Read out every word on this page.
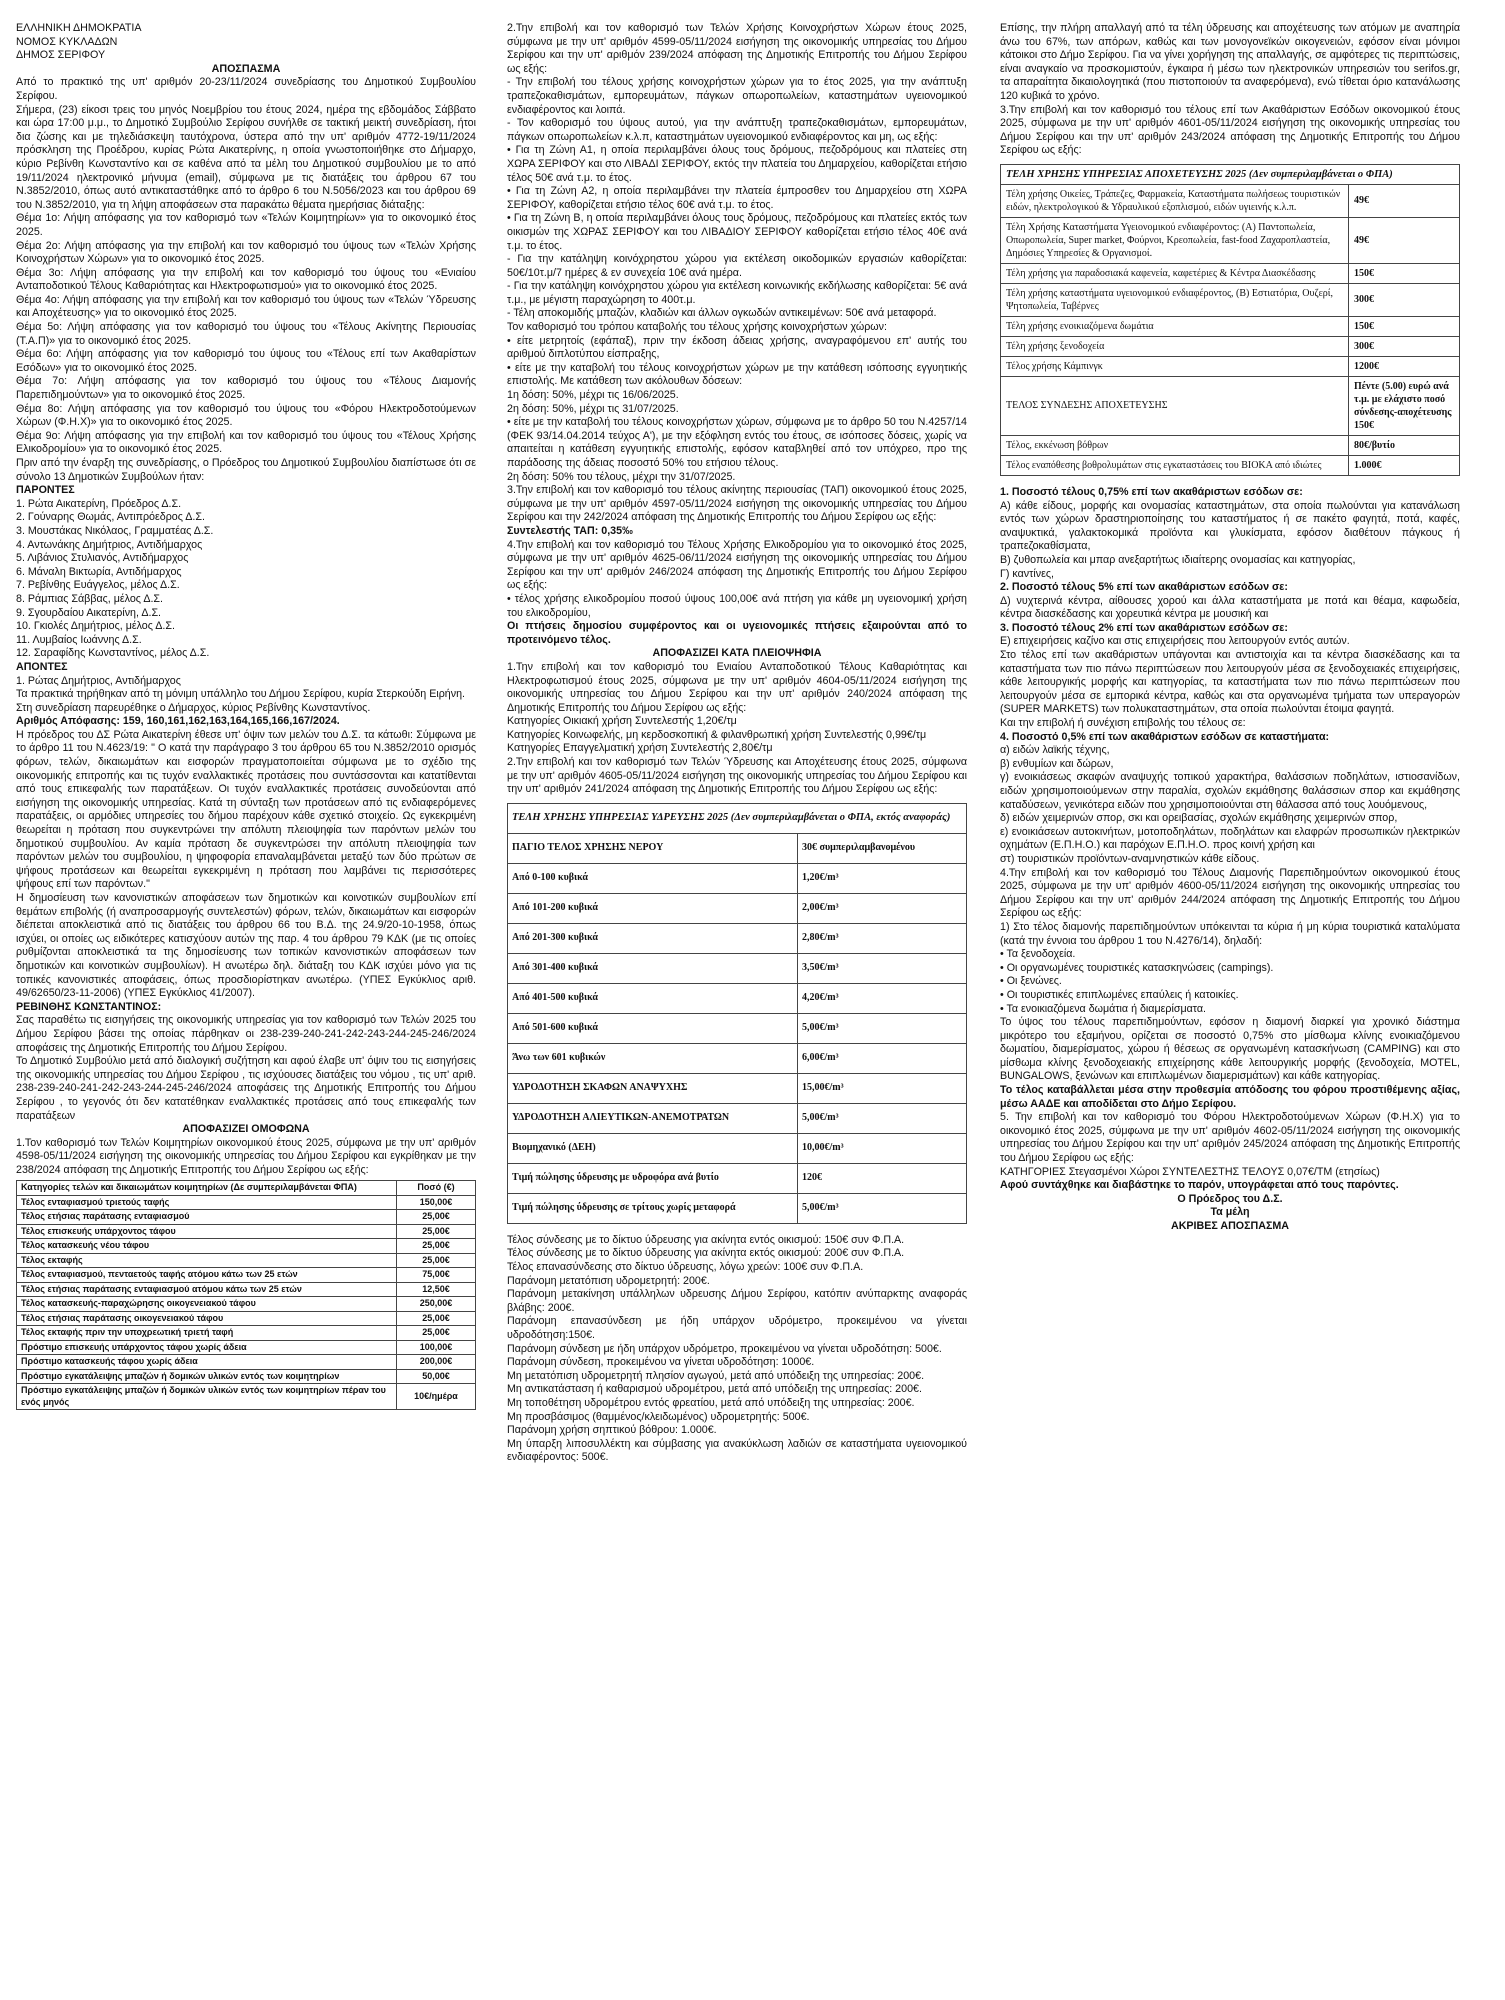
ΕΛΛΗΝΙΚΗ ΔΗΜΟΚΡΑΤΙΑ

ΝΟΜΟΣ ΚΥΚΛΑΔΩΝ

ΔΗΜΟΣ ΣΕΡΙΦΟΥ

ΑΠΟΣΠΑΣΜΑ

Από το πρακτικό της υπ' αριθμόν 20-23/11/2024 συνεδρίασης του Δημοτικού Συμβουλίου Σερίφου.

Σήμερα, (23) είκοσι τρεις του μηνός Νοεμβρίου του έτους 2024, ημέρα της εβδομάδος Σάββατο και ώρα 17:00 μ.μ., το Δημοτικό Συμβούλιο Σερίφου συνήλθε σε τακτική μεικτή συνεδρίαση, ήτοι δια ζώσης και με τηλεδιάσκεψη ταυτόχρονα, ύστερα από την υπ' αριθμόν 4772-19/11/2024 πρόσκληση της Προέδρου, κυρίας Ρώτα Αικατερίνης, η οποία γνωστοποιήθηκε στο Δήμαρχο, κύριο Ρεβίνθη Κωνσταντίνο και σε καθένα από τα μέλη του Δημοτικού συμβουλίου με το από 19/11/2024 ηλεκτρονικό μήνυμα (email), σύμφωνα με τις διατάξεις του άρθρου 67 του Ν.3852/2010, όπως αυτό αντικαταστάθηκε από το άρθρο 6 του Ν.5056/2023 και του άρθρου 69 του Ν.3852/2010, για τη λήψη αποφάσεων στα παρακάτω θέματα ημερήσιας διάταξης:

Θέμα 1ο: Λήψη απόφασης για τον καθορισμό των «Τελών Κοιμητηρίων» για το οικονομικό έτος 2025.

Θέμα 2ο: Λήψη απόφασης για την επιβολή και τον καθορισμό του ύψους των «Τελών Χρήσης Κοινοχρήστων Χώρων» για το οικονομικό έτος 2025.

Θέμα 3ο: Λήψη απόφασης για την επιβολή και τον καθορισμό του ύψους του «Ενιαίου Ανταποδοτικού Τέλους Καθαριότητας και Ηλεκτροφωτισμού» για το οικονομικό έτος 2025.

Θέμα 4ο: Λήψη απόφασης για την επιβολή και τον καθορισμό του ύψους των «Τελών Ύδρευσης και Αποχέτευσης» για το οικονομικό έτος 2025.

Θέμα 5ο: Λήψη απόφασης για τον καθορισμό του ύψους του «Τέλους Ακίνητης Περιουσίας (Τ.Α.Π)» για το οικονομικό έτος 2025.

Θέμα 6ο: Λήψη απόφασης για τον καθορισμό του ύψους του «Τέλους επί των Ακαθαρίστων Εσόδων» για το οικονομικό έτος 2025.

Θέμα 7ο: Λήψη απόφασης για τον καθορισμό του ύψους του «Τέλους Διαμονής Παρεπιδημούντων» για το οικονομικό έτος 2025.

Θέμα 8ο: Λήψη απόφασης για τον καθορισμό του ύψους του «Φόρου Ηλεκτροδοτούμενων Χώρων (Φ.Η.Χ)» για το οικονομικό έτος 2025.

Θέμα 9ο: Λήψη απόφασης για την επιβολή και τον καθορισμό του ύψους του «Τέλους Χρήσης Ελικοδρομίου» για το οικονομικό έτος 2025.

Πριν από την έναρξη της συνεδρίασης, ο Πρόεδρος του Δημοτικού Συμβουλίου διαπίστωσε ότι σε σύνολο 13 Δημοτικών Συμβούλων ήταν:

ΠΑΡΟΝΤΕΣ

1. Ρώτα Αικατερίνη, Πρόεδρος Δ.Σ.

2. Γούναρης Θωμάς, Αντιπρόεδρος Δ.Σ.

3. Μουστάκας Νικόλαος, Γραμματέας Δ.Σ.

4. Αντωνάκης Δημήτριος, Αντιδήμαρχος

5. Λιβάνιος Στυλιανός, Αντιδήμαρχος

6. Μάναλη Βικτωρία, Αντιδήμαρχος

7. Ρεβίνθης Ευάγγελος, μέλος Δ.Σ.

8. Ράμπιας Σάββας, μέλος Δ.Σ.

9. Σγουρδαίου Αικατερίνη, Δ.Σ.

10. Γκιολές Δημήτριος, μέλος Δ.Σ.

11. Λυμβαίος Ιωάννης Δ.Σ.

12. Σαραφίδης Κωνσταντίνος, μέλος Δ.Σ.

ΑΠΟΝΤΕΣ

1. Ρώτας Δημήτριος, Αντιδήμαρχος

Τα πρακτικά τηρήθηκαν από τη μόνιμη υπάλληλο του Δήμου Σερίφου, κυρία Στερκούδη Ειρήνη.

Στη συνεδρίαση παρευρέθηκε ο Δήμαρχος, κύριος Ρεβίνθης Κωνσταντίνος.

Αριθμός Απόφασης: 159, 160,161,162,163,164,165,166,167/2024.

Η πρόεδρος του ΔΣ Ρώτα Αικατερίνη έθεσε υπ' όψιν των μελών του Δ.Σ. τα κάτωθι: Σύμφωνα με το άρθρο 11 του Ν.4623/19: " Ο κατά την παράγραφο 3 του άρθρου 65 του Ν.3852/2010 ορισμός φόρων, τελών, δικαιωμάτων και εισφορών πραγματοποιείται σύμφωνα με το σχέδιο της οικονομικής επιτροπής και τις τυχόν εναλλακτικές προτάσεις που συντάσσονται και κατατίθενται από τους επικεφαλής των παρατάξεων. Οι τυχόν εναλλακτικές προτάσεις συνοδεύονται από εισήγηση της οικονομικής υπηρεσίας. Κατά τη σύνταξη των προτάσεων από τις ενδιαφερόμενες παρατάξεις, οι αρμόδιες υπηρεσίες του δήμου παρέχουν κάθε σχετικό στοιχείο. Ως εγκεκριμένη θεωρείται η πρόταση που συγκεντρώνει την απόλυτη πλειοψηφία των παρόντων μελών του δημοτικού συμβουλίου. Αν καμία πρόταση δε συγκεντρώσει την απόλυτη πλειοψηφία των παρόντων μελών του συμβουλίου, η ψηφοφορία επαναλαμβάνεται μεταξύ των δύο πρώτων σε ψήφους προτάσεων και θεωρείται εγκεκριμένη η πρόταση που λαμβάνει τις περισσότερες ψήφους επί των παρόντων."

Η δημοσίευση των κανονιστικών αποφάσεων των δημοτικών και κοινοτικών συμβουλίων επί θεμάτων επιβολής (ή αναπροσαρμογής συντελεστών) φόρων, τελών, δικαιωμάτων και εισφορών διέπεται αποκλειστικά από τις διατάξεις του άρθρου 66 του Β.Δ. της 24.9/20-10-1958, όπως ισχύει, οι οποίες ως ειδικότερες κατισχύουν αυτών της παρ. 4 του άρθρου 79 ΚΔΚ (με τις οποίες ρυθμίζονται αποκλειστικά τα της δημοσίευσης των τοπικών κανονιστικών αποφάσεων των δημοτικών και κοινοτικών συμβουλίων). Η ανωτέρω δηλ. διάταξη του ΚΔΚ ισχύει μόνο για τις τοπικές κανονιστικές αποφάσεις, όπως προσδιορίστηκαν ανωτέρω. (ΥΠΕΣ Εγκύκλιος αριθ. 49/62650/23-11-2006) (ΥΠΕΣ Εγκύκλιος 41/2007).

ΡΕΒΙΝΘΗΣ ΚΩΝΣΤΑΝΤΙΝΟΣ:

Σας παραθέτω τις εισηγήσεις της οικονομικής υπηρεσίας για τον καθορισμό των Τελών 2025 του Δήμου Σερίφου βάσει της οποίας πάρθηκαν οι 238-239-240-241-242-243-244-245-246/2024 αποφάσεις της Δημοτικής Επιτροπής του Δήμου Σερίφου.

Το Δημοτικό Συμβούλιο μετά από διαλογική συζήτηση και αφού έλαβε υπ' όψιν του τις εισηγήσεις της οικονομικής υπηρεσίας του Δήμου Σερίφου , τις ισχύουσες διατάξεις του νόμου , τις υπ' αριθ. 238-239-240-241-242-243-244-245-246/2024 αποφάσεις της Δημοτικής Επιτροπής του Δήμου Σερίφου , το γεγονός ότι δεν κατατέθηκαν εναλλακτικές προτάσεις από τους επικεφαλής των παρατάξεων

ΑΠΟΦΑΣΙΖΕΙ ΟΜΟΦΩΝΑ

1.Τον καθορισμό των Τελών Κοιμητηρίων οικονομικού έτους 2025, σύμφωνα με την υπ' αριθμόν 4598-05/11/2024 εισήγηση της οικονομικής υπηρεσίας του Δήμου Σερίφου και εγκρίθηκαν με την 238/2024 απόφαση της Δημοτικής Επιτροπής του Δήμου Σερίφου ως εξής:

Κατηγορίες τελών και δικαιωμάτων κοιμητηρίων (Δε συμπεριλαμβάνεται ΦΠΑ)	Ποσό (€)
Τέλος ενταφιασμού τριετούς ταφής	150,00€
Τέλος ετήσιας παράτασης ενταφιασμού	25,00€
Τέλος επισκευής υπάρχοντος τάφου	25,00€
Τέλος κατασκευής νέου τάφου	25,00€
Τέλος εκταφής	25,00€
Τέλος ενταφιασμού, πενταετούς ταφής ατόμου κάτω των 25 ετών	75,00€
Τέλος ετήσιας παράτασης ενταφιασμού ατόμου κάτω των 25 ετών	12,50€
Τέλος κατασκευής-παραχώρησης οικογενειακού τάφου	250,00€
Τέλος ετήσιας παράτασης οικογενειακού τάφου	25,00€
Τέλος εκταφής πριν την υποχρεωτική τριετή ταφή	25,00€
Πρόστιμο επισκευής υπάρχοντος τάφου χωρίς άδεια	100,00€
Πρόστιμο κατασκευής τάφου χωρίς άδεια	200,00€
Πρόστιμο εγκατάλειψης μπαζών ή δομικών υλικών εντός των κοιμητηρίων	50,00€
Πρόστιμο εγκατάλειψης μπαζών ή δομικών υλικών εντός των κοιμητηρίων πέραν του ενός μηνός	10€/ημέρα

2.Την επιβολή και τον καθορισμό των Τελών Χρήσης Κοινοχρήστων Χώρων έτους 2025, σύμφωνα με την υπ' αριθμόν 4599-05/11/2024 εισήγηση της οικονομικής υπηρεσίας του Δήμου Σερίφου και την υπ' αριθμόν 239/2024 απόφαση της Δημοτικής Επιτροπής του Δήμου Σερίφου ως εξής:

- Την επιβολή του τέλους χρήσης κοινοχρήστων χώρων για το έτος 2025, για την ανάπτυξη τραπεζοκαθισμάτων, εμπορευμάτων, πάγκων οπωροπωλείων, καταστημάτων υγειονομικού ενδιαφέροντος και λοιπά.

- Τον καθορισμό του ύψους αυτού, για την ανάπτυξη τραπεζοκαθισμάτων, εμπορευμάτων, πάγκων οπωροπωλείων κ.λ.π, καταστημάτων υγειονομικού ενδιαφέροντος και μη, ως εξής:

• Για τη Ζώνη Α1, η οποία περιλαμβάνει όλους τους δρόμους, πεζοδρόμους και πλατείες στη ΧΩΡΑ ΣΕΡΙΦΟΥ και στο ΛΙΒΑΔΙ ΣΕΡΙΦΟΥ, εκτός την πλατεία του Δημαρχείου, καθορίζεται ετήσιο τέλος 50€ ανά τ.μ. το έτος.

• Για τη Ζώνη Α2, η οποία περιλαμβάνει την πλατεία έμπροσθεν του Δημαρχείου στη ΧΩΡΑ ΣΕΡΙΦΟΥ, καθορίζεται ετήσιο τέλος 60€ ανά τ.μ. το έτος.

• Για τη Ζώνη Β, η οποία περιλαμβάνει όλους τους δρόμους, πεζοδρόμους και πλατείες εκτός των οικισμών της ΧΩΡΑΣ ΣΕΡΙΦΟΥ και του ΛΙΒΑΔΙΟΥ ΣΕΡΙΦΟΥ καθορίζεται ετήσιο τέλος 40€ ανά τ.μ. το έτος.

- Για την κατάληψη κοινόχρηστου χώρου για εκτέλεση οικοδομικών εργασιών καθορίζεται: 50€/10τ.μ/7 ημέρες & εν συνεχεία 10€ ανά ημέρα.

- Για την κατάληψη κοινόχρηστου χώρου για εκτέλεση κοινωνικής εκδήλωσης καθορίζεται: 5€ ανά τ.μ., με μέγιστη παραχώρηση το 400τ.μ.

- Τέλη αποκομιδής μπαζών, κλαδιών και άλλων ογκωδών αντικειμένων: 50€ ανά μεταφορά.

Τον καθορισμό του τρόπου καταβολής του τέλους χρήσης κοινοχρήστων χώρων:

• είτε μετρητοίς (εφάπαξ), πριν την έκδοση άδειας χρήσης, αναγραφόμενου επ' αυτής του αριθμού διπλοτύπου είσπραξης,

• είτε με την καταβολή του τέλους κοινοχρήστων χώρων με την κατάθεση ισόποσης εγγυητικής επιστολής. Με κατάθεση των ακόλουθων δόσεων:

1η δόση: 50%, μέχρι τις 16/06/2025.

2η δόση: 50%, μέχρι τις 31/07/2025.

• είτε με την καταβολή του τέλους κοινοχρήστων χώρων, σύμφωνα με το άρθρο 50 του Ν.4257/14 (ΦΕΚ 93/14.04.2014 τεύχος Α'), με την εξόφληση εντός του έτους, σε ισόποσες δόσεις, χωρίς να απαιτείται η κατάθεση εγγυητικής επιστολής, εφόσον καταβληθεί από τον υπόχρεο, προ της παράδοσης της άδειας ποσοστό 50% του ετήσιου τέλους.

2η δόση: 50% του τέλους, μέχρι την 31/07/2025.

3.Την επιβολή και τον καθορισμό του τέλους ακίνητης περιουσίας (ΤΑΠ) οικονομικού έτους 2025, σύμφωνα με την υπ' αριθμόν 4597-05/11/2024 εισήγηση της οικονομικής υπηρεσίας του Δήμου Σερίφου και την 242/2024 απόφαση της Δημοτικής Επιτροπής του Δήμου Σερίφου ως εξής:

Συντελεστής ΤΑΠ: 0,35‰

4.Την επιβολή και τον καθορισμό του Τέλους Χρήσης Ελικοδρομίου για το οικονομικό έτος 2025, σύμφωνα με την υπ' αριθμόν 4625-06/11/2024 εισήγηση της οικονομικής υπηρεσίας του Δήμου Σερίφου και την υπ' αριθμόν 246/2024 απόφαση της Δημοτικής Επιτροπής του Δήμου Σερίφου ως εξής:

• τέλος χρήσης ελικοδρομίου ποσού ύψους 100,00€ ανά πτήση για κάθε μη υγειονομική χρήση του ελικοδρομίου,

Οι πτήσεις δημοσίου συμφέροντος και οι υγειονομικές πτήσεις εξαιρούνται από το προτεινόμενο τέλος.

ΑΠΟΦΑΣΙΖΕΙ ΚΑΤΑ ΠΛΕΙΟΨΗΦΙΑ

1.Την επιβολή και τον καθορισμό του Ενιαίου Ανταποδοτικού Τέλους Καθαριότητας και Ηλεκτροφωτισμού έτους 2025, σύμφωνα με την υπ' αριθμόν 4604-05/11/2024 εισήγηση της οικονομικής υπηρεσίας του Δήμου Σερίφου και την υπ' αριθμόν 240/2024 απόφαση της Δημοτικής Επιτροπής του Δήμου Σερίφου ως εξής:

Κατηγορίες Οικιακή χρήση Συντελεστής 1,20€/τμ

Κατηγορίες Κοινωφελής, μη κερδοσκοπική & φιλανθρωπική χρήση Συντελεστής 0,99€/τμ

Κατηγορίες Επαγγελματική χρήση Συντελεστής 2,80€/τμ

2.Την επιβολή και τον καθορισμό των Τελών Ύδρευσης και Αποχέτευσης έτους 2025, σύμφωνα με την υπ' αριθμόν 4605-05/11/2024 εισήγηση της οικονομικής υπηρεσίας του Δήμου Σερίφου και την υπ' αριθμόν 241/2024 απόφαση της Δημοτικής Επιτροπής του Δήμου Σερίφου ως εξής:

ΤΕΛΗ ΧΡΗΣΗΣ ΥΠΗΡΕΣΙΑΣ ΥΔΡΕΥΣΗΣ 2025 (Δεν συμπεριλαμβάνεται ο ΦΠΑ, εκτός αναφοράς)	
ΠΑΓΙΟ ΤΕΛΟΣ ΧΡΗΣΗΣ ΝΕΡΟΥ	30€ συμπεριλαμβανομένου
Από 0-100 κυβικά	1,20€/m³
Από 101-200 κυβικά	2,00€/m³
Από 201-300 κυβικά	2,80€/m³
Από 301-400 κυβικά	3,50€/m³
Από 401-500 κυβικά	4,20€/m³
Από 501-600 κυβικά	5,00€/m³
Άνω των 601 κυβικών	6,00€/m³
ΥΔΡΟΔΟΤΗΣΗ ΣΚΑΦΩΝ ΑΝΑΨΥΧΗΣ	15,00€/m³
ΥΔΡΟΔΟΤΗΣΗ ΑΛΙΕΥΤΙΚΩΝ-ΑΝΕΜΟΤΡΑΤΩΝ	5,00€/m³
Βιομηχανικό (ΔΕΗ)	10,00€/m³
Τιμή πώλησης ύδρευσης με υδροφόρα ανά βυτίο	120€
Τιμή πώλησης ύδρευσης σε τρίτους χωρίς μεταφορά	5,00€/m³

Τέλος σύνδεσης με το δίκτυο ύδρευσης για ακίνητα εντός οικισμού: 150€ συν Φ.Π.Α.

Τέλος σύνδεσης με το δίκτυο ύδρευσης για ακίνητα εκτός οικισμού: 200€ συν Φ.Π.Α.

Τέλος επανασύνδεσης στο δίκτυο ύδρευσης, λόγω χρεών: 100€ συν Φ.Π.Α.

Παράνομη μετατόπιση υδρομετρητή: 200€.

Παράνομη μετακίνηση υπάλληλων υδρευσης Δήμου Σερίφου, κατόπιν ανύπαρκτης αναφοράς βλάβης: 200€.

Παράνομη επανασύνδεση με ήδη υπάρχον υδρόμετρο, προκειμένου να γίνεται υδροδότηση:150€.

Παράνομη σύνδεση με ήδη υπάρχον υδρόμετρο, προκειμένου να γίνεται υδροδότηση: 500€.

Παράνομη σύνδεση, προκειμένου να γίνεται υδροδότηση: 1000€.

Μη μετατόπιση υδρομετρητή πλησίον αγωγού, μετά από υπόδειξη της υπηρεσίας: 200€.

Μη αντικατάσταση ή καθαρισμού υδρομέτρου, μετά από υπόδειξη της υπηρεσίας: 200€.

Μη τοποθέτηση υδρομέτρου εντός φρεατίου, μετά από υπόδειξη της υπηρεσίας: 200€.

Μη προσβάσιμος (θαμμένος/κλειδωμένος) υδρομετρητής: 500€.

Παράνομη χρήση σηπτικού βόθρου: 1.000€.

Μη ύπαρξη λιποσυλλέκτη και σύμβασης για ανακύκλωση λαδιών σε καταστήματα υγειονομικού ενδιαφέροντος: 500€.

Επίσης, την πλήρη απαλλαγή από τα τέλη ύδρευσης και αποχέτευσης των ατόμων με αναπηρία άνω του 67%, των απόρων, καθώς και των μονογονεϊκών οικογενειών, εφόσον είναι μόνιμοι κάτοικοι στο Δήμο Σερίφου. Για να γίνει χορήγηση της απαλλαγής, σε αμφότερες τις περιπτώσεις, είναι αναγκαίο να προσκομιστούν, έγκαιρα ή μέσω των ηλεκτρονικών υπηρεσιών του serifos.gr, τα απαραίτητα δικαιολογητικά (που πιστοποιούν τα αναφερόμενα), ενώ τίθεται όριο κατανάλωσης 120 κυβικά το χρόνο.

3.Την επιβολή και τον καθορισμό του τέλους επί των Ακαθάριστων Εσόδων οικονομικού έτους 2025, σύμφωνα με την υπ' αριθμόν 4601-05/11/2024 εισήγηση της οικονομικής υπηρεσίας του Δήμου Σερίφου και την υπ' αριθμόν 243/2024 απόφαση της Δημοτικής Επιτροπής του Δήμου Σερίφου ως εξής:

ΤΕΛΗ ΧΡΗΣΗΣ ΥΠΗΡΕΣΙΑΣ ΑΠΟΧΕΤΕΥΣΗΣ 2025 (Δεν συμπεριλαμβάνεται ο ΦΠΑ)	
Τέλη χρήσης Οικείες, Τράπεζες, Φαρμακεία, Καταστήματα πωλήσεως τουριστικών ειδών, ηλεκτρολογικού & Υδραυλικού εξοπλισμού, ειδών υγιεινής κ.λ.π.	49€
Τέλη Χρήσης Καταστήματα Υγειονομικού ενδιαφέροντος: (Α) Παντοπωλεία, Οπωροπωλεία, Super market, Φούρνοι, Κρεοπωλεία, fast-food Ζαχαροπλαστεία, Δημόσιες Υπηρεσίες & Οργανισμοί.	49€
Τέλη χρήσης για παραδοσιακά καφενεία, καφετέριες & Κέντρα Διασκέδασης	150€
Τέλη χρήσης καταστήματα υγειονομικού ενδιαφέροντος, (Β) Εστιατόρια, Ουζερί, Ψητοπωλεία, Ταβέρνες	300€
Τέλη χρήσης ενοικιαζόμενα δωμάτια	150€
Τέλη χρήσης ξενοδοχεία	300€
Τέλος χρήσης Κάμπινγκ	1200€
ΤΕΛΟΣ ΣΥΝΔΕΣΗΣ ΑΠΟΧΕΤΕΥΣΗΣ	Πέντε (5.00) ευρώ ανά τ.μ. με ελάχιστο ποσό σύνδεσης-αποχέτευσης 150€
Τέλος, εκκένωση βόθρων	80€/βυτίο
Τέλος εναπόθεσης βοθρολυμάτων στις εγκαταστάσεις του ΒΙΟΚΑ από ιδιώτες	1.000€

1. Ποσοστό τέλους 0,75% επί των ακαθάριστων εσόδων σε:

Α) κάθε είδους, μορφής και ονομασίας καταστημάτων, στα οποία πωλούνται για κατανάλωση εντός των χώρων δραστηριοποίησης του καταστήματος ή σε πακέτο φαγητά, ποτά, καφές, αναψυκτικά, γαλακτοκομικά προϊόντα και γλυκίσματα, εφόσον διαθέτουν πάγκους ή τραπεζοκαθίσματα,

Β) ζυθοπωλεία και μπαρ ανεξαρτήτως ιδιαίτερης ονομασίας και κατηγορίας,

Γ) καντίνες,

2. Ποσοστό τέλους 5% επί των ακαθάριστων εσόδων σε:

Δ) νυχτερινά κέντρα, αίθουσες χορού και άλλα καταστήματα με ποτά και θέαμα, καφωδεία, κέντρα διασκέδασης και χορευτικά κέντρα με μουσική και

3. Ποσοστό τέλους 2% επί των ακαθάριστων εσόδων σε:

Ε) επιχειρήσεις καζίνο και στις επιχειρήσεις που λειτουργούν εντός αυτών.

Στο τέλος επί των ακαθάριστων υπάγονται και αντιστοιχία και τα κέντρα διασκέδασης και τα καταστήματα των πιο πάνω περιπτώσεων που λειτουργούν μέσα σε ξενοδοχειακές επιχειρήσεις, κάθε λειτουργικής μορφής και κατηγορίας, τα καταστήματα των πιο πάνω περιπτώσεων που λειτουργούν μέσα σε εμπορικά κέντρα, καθώς και στα οργανωμένα τμήματα των υπεραγορών (SUPER MARKETS) των πολυκαταστημάτων, στα οποία πωλούνται έτοιμα φαγητά.

Και την επιβολή ή συνέχιση επιβολής του τέλους σε:

4. Ποσοστό 0,5% επί των ακαθάριστων εσόδων σε καταστήματα:

α) ειδών λαϊκής τέχνης,

β) ενθυμίων και δώρων,

γ) ενοικιάσεως σκαφών αναψυχής τοπικού χαρακτήρα, θαλάσσιων ποδηλάτων, ιστιοσανίδων, ειδών χρησιμοποιούμενων στην παραλία, σχολών εκμάθησης θαλάσσιων σπορ και εκμάθησης καταδύσεων, γενικότερα ειδών που χρησιμοποιούνται στη θάλασσα από τους λουόμενους,

δ) ειδών χειμερινών σπορ, σκι και ορειβασίας, σχολών εκμάθησης χειμερινών σπορ,

ε) ενοικιάσεων αυτοκινήτων, μοτοποδηλάτων, ποδηλάτων και ελαφρών προσωπικών ηλεκτρικών οχημάτων (Ε.Π.Η.Ο.) και παρόχων Ε.Π.Η.Ο. προς κοινή χρήση και

στ) τουριστικών προϊόντων-αναμνηστικών κάθε είδους.

4.Την επιβολή και τον καθορισμό του Τέλους Διαμονής Παρεπιδημούντων οικονομικού έτους 2025, σύμφωνα με την υπ' αριθμόν 4600-05/11/2024 εισήγηση της οικονομικής υπηρεσίας του Δήμου Σερίφου και την υπ' αριθμόν 244/2024 απόφαση της Δημοτικής Επιτροπής του Δήμου Σερίφου ως εξής:

1) Στο τέλος διαμονής παρεπιδημούντων υπόκεινται τα κύρια ή μη κύρια τουριστικά καταλύματα (κατά την έννοια του άρθρου 1 του Ν.4276/14), δηλαδή:

• Τα ξενοδοχεία.

• Οι οργανωμένες τουριστικές κατασκηνώσεις (campings).

• Οι ξενώνες.

• Οι τουριστικές επιπλωμένες επαύλεις ή κατοικίες.

• Τα ενοικιαζόμενα δωμάτια ή διαμερίσματα.

Το ύψος του τέλους παρεπιδημούντων, εφόσον η διαμονή διαρκεί για χρονικό διάστημα μικρότερο του εξαμήνου, ορίζεται σε ποσοστό 0,75% στο μίσθωμα κλίνης ενοικιαζόμενου δωματίου, διαμερίσματος, χώρου ή θέσεως σε οργανωμένη κατασκήνωση (CAMPING) και στο μίσθωμα κλίνης ξενοδοχειακής επιχείρησης κάθε λειτουργικής μορφής (ξενοδοχεία, MOTEL, BUNGALOWS, ξενώνων και επιπλωμένων διαμερισμάτων) και κάθε κατηγορίας.

Το τέλος καταβάλλεται μέσα στην προθεσμία απόδοσης του φόρου προστιθέμενης αξίας, μέσω ΑΑΔΕ και αποδίδεται στο Δήμο Σερίφου.

5. Την επιβολή και τον καθορισμό του Φόρου Ηλεκτροδοτούμενων Χώρων (Φ.Η.Χ) για το οικονομικό έτος 2025, σύμφωνα με την υπ' αριθμόν 4602-05/11/2024 εισήγηση της οικονομικής υπηρεσίας του Δήμου Σερίφου και την υπ' αριθμόν 245/2024 απόφαση της Δημοτικής Επιτροπής του Δήμου Σερίφου ως εξής:

ΚΑΤΗΓΟΡΙΕΣ Στεγασμένοι Χώροι ΣΥΝΤΕΛΕΣΤΗΣ ΤΕΛΟΥΣ 0,07€/ΤΜ (ετησίως)

Αφού συντάχθηκε και διαβάστηκε το παρόν, υπογράφεται από τους παρόντες.

Ο Πρόεδρος του Δ.Σ.

Τα μέλη

ΑΚΡΙΒΕΣ ΑΠΟΣΠΑΣΜΑ
